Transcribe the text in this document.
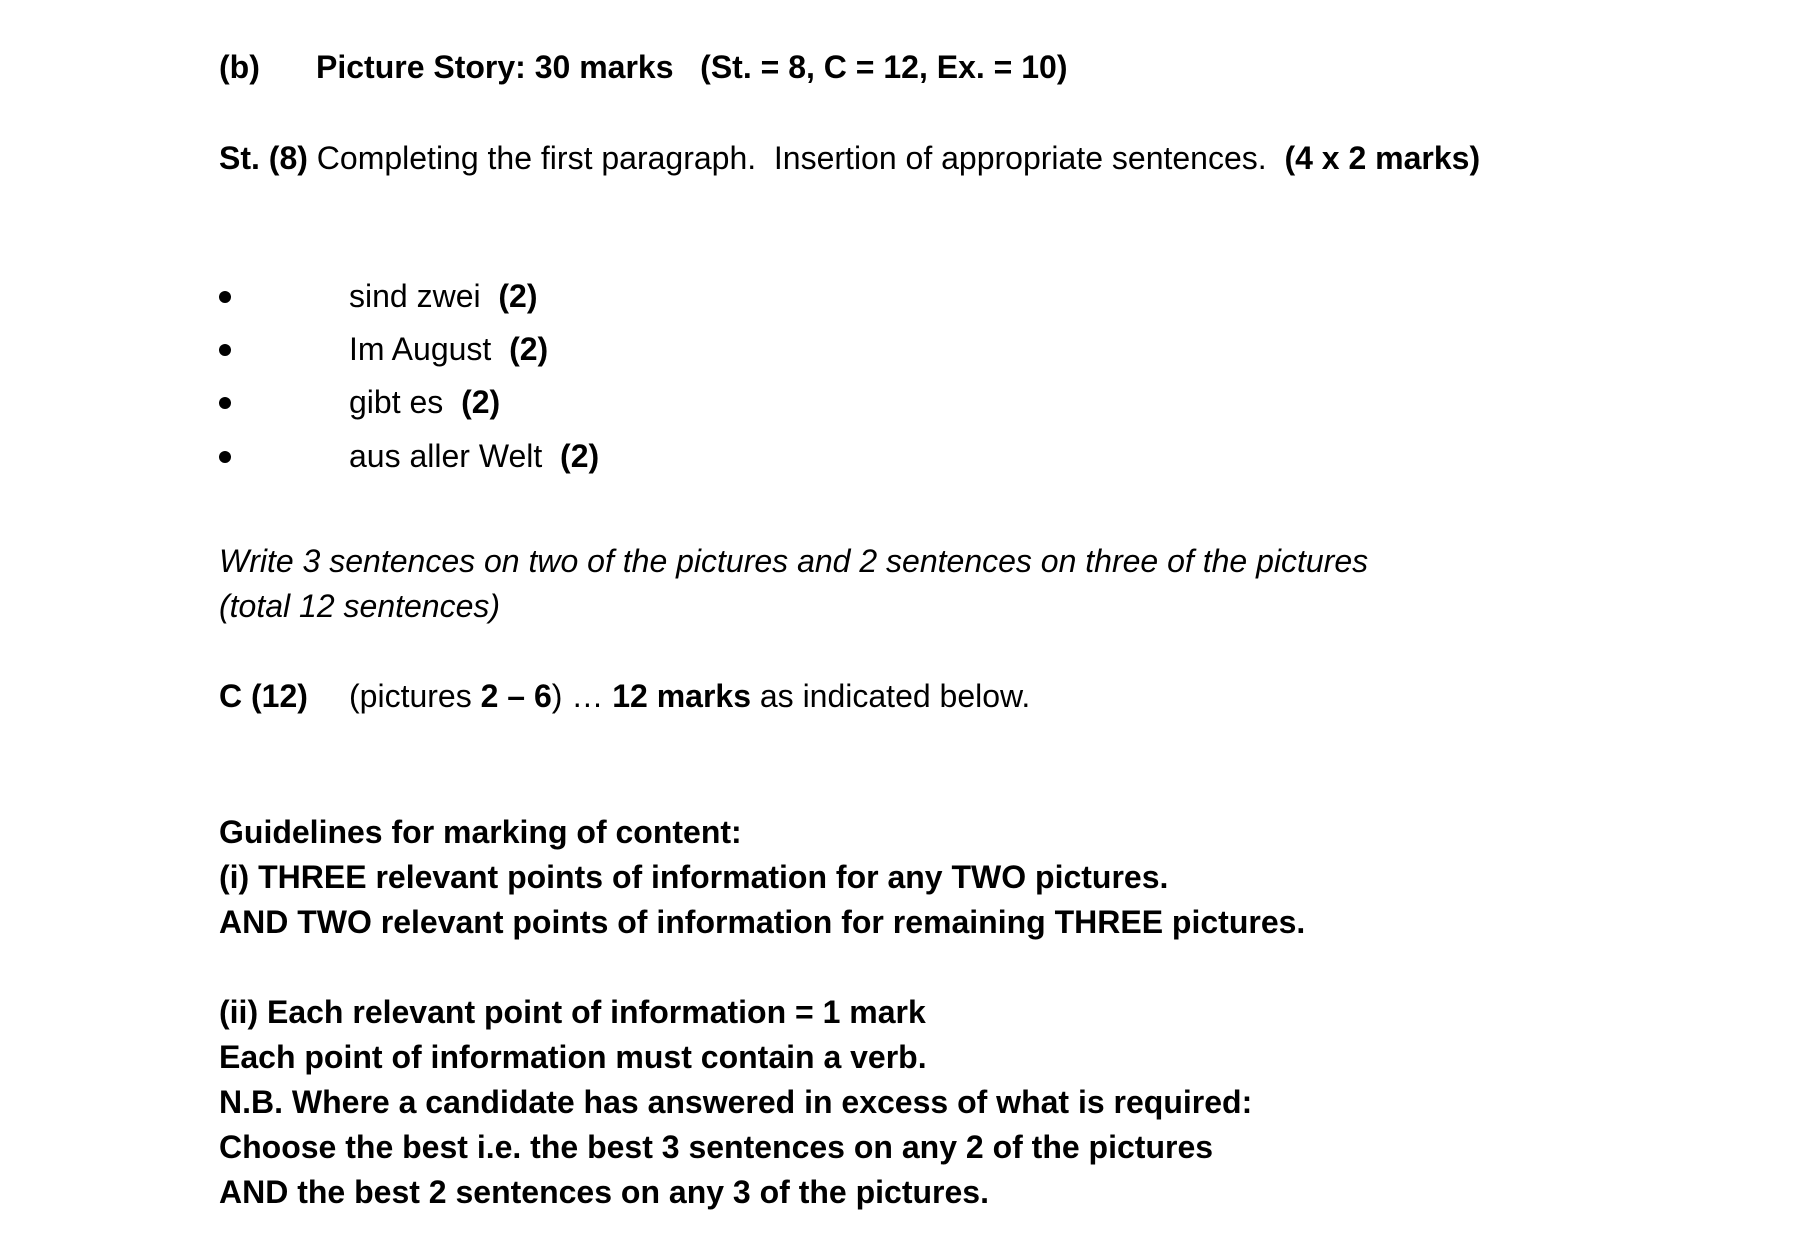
(b) Picture Story: 30 marks (St. = 8, C = 12, Ex. = 10)
St. (8) Completing the first paragraph.  Insertion of appropriate sentences.  (4 x 2 marks)
sind zwei  (2)
Im August  (2)
gibt es  (2)
aus aller Welt  (2)
Write 3 sentences on two of the pictures and 2 sentences on three of the pictures
(total 12 sentences)
C (12) (pictures 2 – 6) … 12 marks as indicated below.
Guidelines for marking of content:
(i) THREE relevant points of information for any TWO pictures.
AND TWO relevant points of information for remaining THREE pictures.
(ii) Each relevant point of information = 1 mark
Each point of information must contain a verb.
N.B. Where a candidate has answered in excess of what is required:
Choose the best i.e. the best 3 sentences on any 2 of the pictures
AND the best 2 sentences on any 3 of the pictures.
